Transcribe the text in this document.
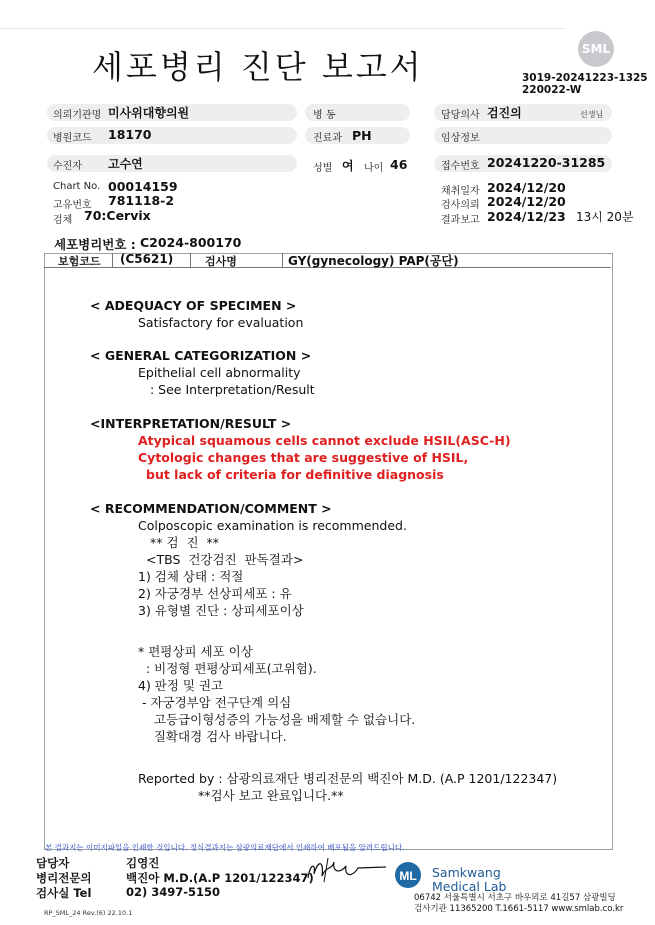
세포병리 진단 보고서	SML
3019-20241223-1325
220022-W
의뢰기관명 미사위대향의원	병 동	담당의사 검진의	선생님
병원코드 18170	진료과 PH	임상정보
수진자 고수연	성별 여 나이 46	접수번호 20241220-31285
Chart No. 00014159
고유번호 781118-2
검체 70:Cervix
채취일자 2024/12/20
검사의뢰 2024/12/20
결과보고 2024/12/23 13시 20분
세포병리번호 : C2024-800170
보험코드 (C5621)	검사명	GY(gynecology) PAP(공단)
< ADEQUACY OF SPECIMEN >
Satisfactory for evaluation
< GENERAL CATEGORIZATION >
Epithelial cell abnormality
: See Interpretation/Result
<INTERPRETATION/RESULT >
Atypical squamous cells cannot exclude HSIL(ASC-H)
Cytologic changes that are suggestive of HSIL,
but lack of criteria for definitive diagnosis
< RECOMMENDATION/COMMENT >
Colposcopic examination is recommended.
** 검  진  **
<TBS  건강검진  판독결과>
1) 검체 상태 : 적절
2) 자궁경부 선상피세포 : 유
3) 유형별 진단 : 상피세포이상
* 편평상피 세포 이상
: 비정형 편평상피세포(고위험).
4) 판정 및 권고
- 자궁경부암 전구단계 의심
고등급이형성증의 가능성을 배제할 수 없습니다.
질확대경 검사 바랍니다.
Reported by : 삼광의료재단 병리전문의 백진아 M.D. (A.P 1201/122347)
**검사 보고 완료입니다.**
본 결과지는 이미지파일을 인쇄한 것입니다. 정식결과지는 삼광의료재단에서 인쇄하여 배포됨을 알려드립니다.
담당자	김영진
병리전문의	백진아 M.D.(A.P 1201/122347)
검사실 Tel	02) 3497-5150
ML Samkwang
Medical Lab
06742 서울특별시 서초구 바우뫼로 41길57 삼광빌딩
검사기관 11365200 T.1661-5117 www.smlab.co.kr
RP_SML_24 Rev.(6) 22.10.1
